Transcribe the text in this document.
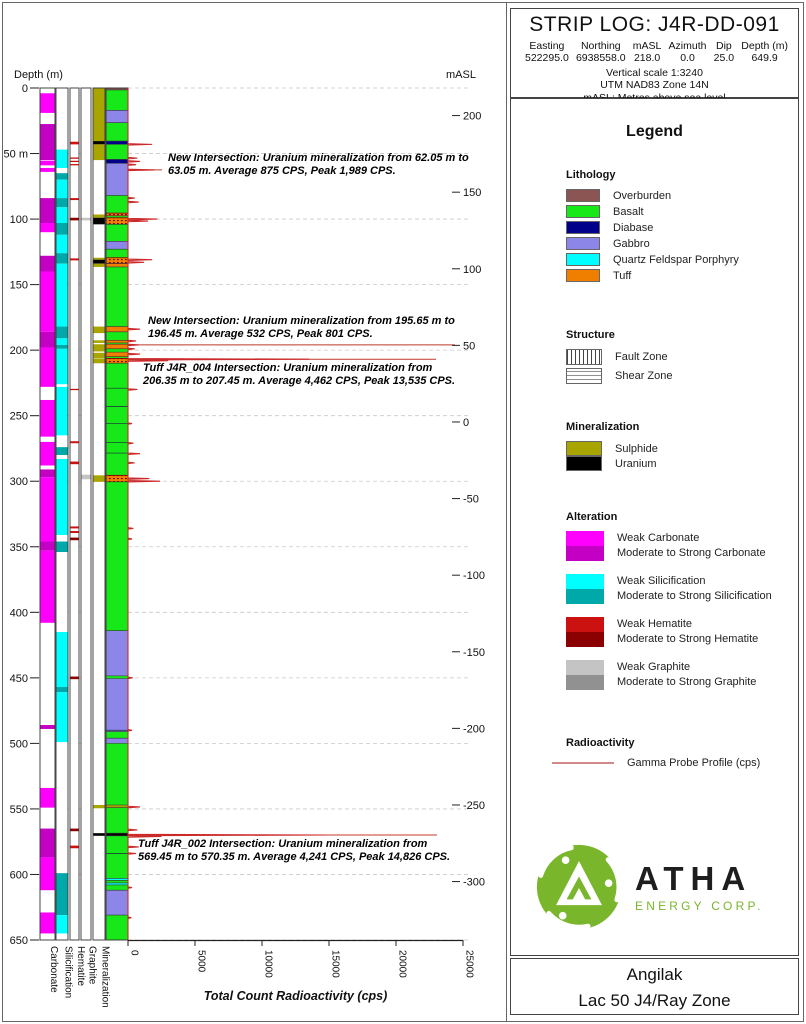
Depth (m)
0
50 m
100
150
200
250
300
350
400
450
500
550
600
650
mASL
200
150
100
50
0
-50
-100
-150
-200
-250
-300
0	5000	10000	15000	20000	25000
Total Count Radioactivity (cps)
Carbonate Silicification Hematite Graphite Mineralization
New Intersection: Uranium mineralization from 62.05 m to 63.05 m. Average 875 CPS, Peak 1,989 CPS.
New Intersection: Uranium mineralization from 195.65 m to 196.45 m. Average 532 CPS, Peak 801 CPS.
Tuff J4R_004 Intersection: Uranium mineralization from 206.35 m to 207.45 m. Average 4,462 CPS, Peak 13,535 CPS.
Tuff J4R_002 Intersection: Uranium mineralization from 569.45 m to 570.35 m. Average 4,241 CPS, Peak 14,826 CPS.
STRIP LOG: J4R-DD-091
Easting
522295.0
Northing
6938558.0
mASL
218.0
Azimuth
0.0
Dip
25.0
Depth (m)
649.9
Vertical scale 1:3240
UTM NAD83 Zone 14N
Legend
Lithology
Overburden
Basalt
Diabase
Gabbro
Quartz Feldspar Porphyry
Tuff
Structure
Fault Zone
Shear Zone
Mineralization
Sulphide
Uranium
Alteration
Weak Carbonate
Moderate to Strong Carbonate
Weak Silicification
Moderate to Strong Silicification
Weak Hematite
Moderate to Strong Hematite
Weak Graphite
Moderate to Strong Graphite
Radioactivity
Gamma Probe Profile (cps)
ATHA
ENERGY CORP.
Angilak
Lac 50 J4/Ray Zone
